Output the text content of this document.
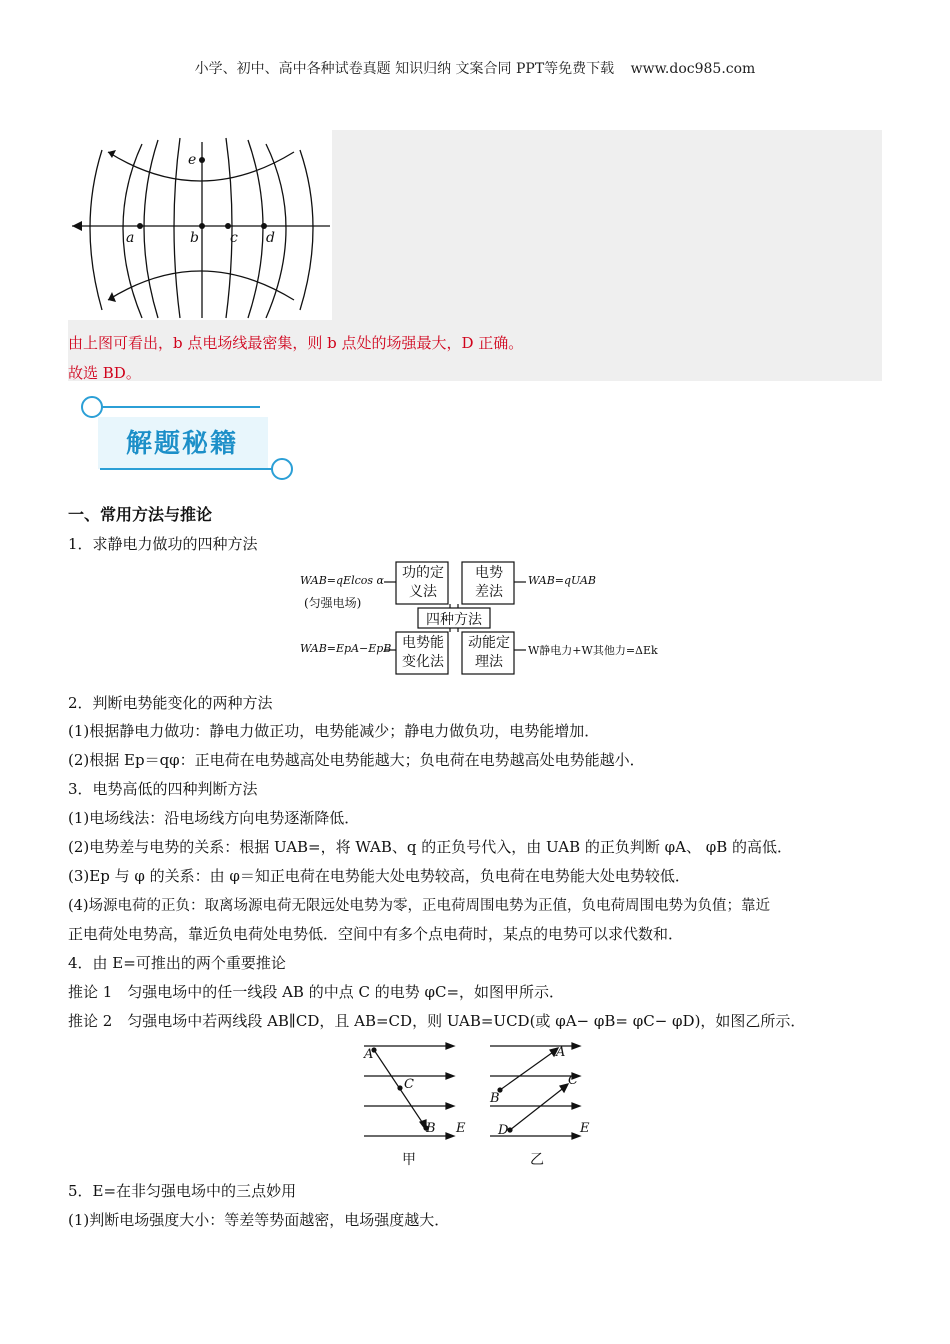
小学、初中、高中各种试卷真题 知识归纳 文案合同 PPT等免费下载 www.doc985.com
a	b c d
e
由上图可看出，b 点电场线最密集，则 b 点处的场强最大，D 正确。
故选 BD。
解题秘籍
一、常用方法与推论
1．求静电力做功的四种方法
功的定
义法
电势
差法
电势能
变化法
动能定
理法
四种方法
WAB=qElcos α
(匀强电场)
WAB=qUAB
WAB=EpA−EpB	W静电力+W其他力=ΔEk
2．判断电势能变化的两种方法
(1)根据静电力做功：静电力做正功，电势能减少；静电力做负功，电势能增加．
(2)根据 Ep＝qφ：正电荷在电势越高处电势能越大；负电荷在电势越高处电势能越小．
3．电势高低的四种判断方法
(1)电场线法：沿电场线方向电势逐渐降低．
(2)电势差与电势的关系：根据 UAB=，将 WAB、q 的正负号代入，由 UAB 的正负判断 φA、 φB 的高低．
(3)Ep 与 φ 的关系：由 φ＝知正电荷在电势能大处电势较高，负电荷在电势能大处电势较低．
(4)场源电荷的正负：取离场源电荷无限远处电势为零，正电荷周围电势为正值，负电荷周围电势为负值；靠近
正电荷处电势高，靠近负电荷处电势低．空间中有多个点电荷时，某点的电势可以求代数和．
4．由 E=可推出的两个重要推论
推论 1　匀强电场中的任一线段 AB 的中点 C 的电势 φC=，如图甲所示．
推论 2　匀强电场中若两线段 AB∥CD，且 AB=CD，则 UAB=UCD(或 φA− φB= φC− φD)，如图乙所示．
A
C
B E
A
C
B
D	E
甲	乙
5．E=在非匀强电场中的三点妙用
(1)判断电场强度大小：等差等势面越密，电场强度越大．
